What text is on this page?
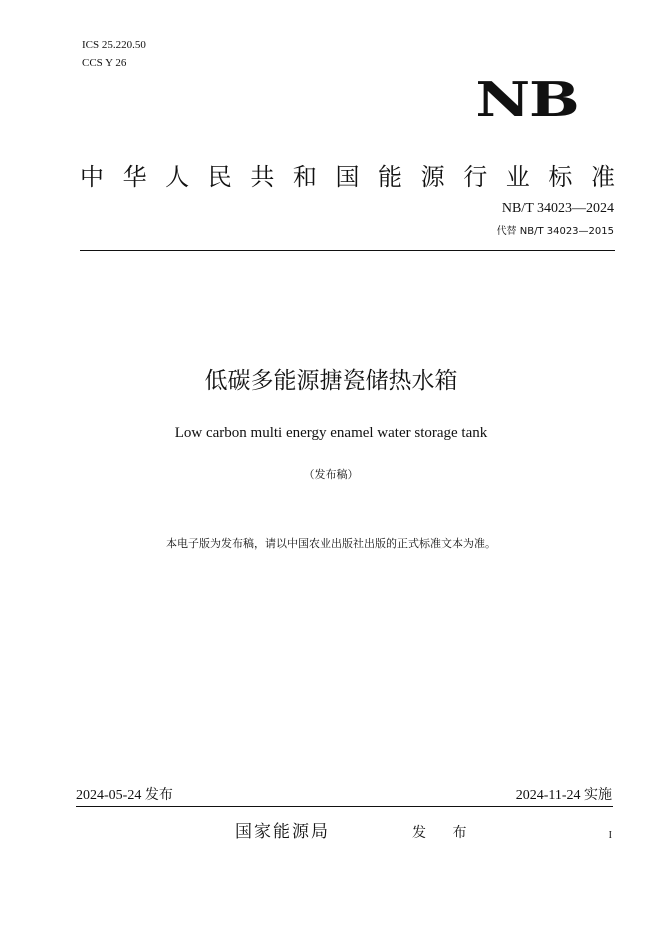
ICS 25.220.50
CCS Y 26
NB
中 华 人 民 共 和 国 能 源 行 业 标 准
NB/T 34023—2024
代替 NB/T 34023—2015
低碳多能源搪瓷储热水箱
Low carbon multi energy enamel water storage tank
（发布稿）
本电子版为发布稿，请以中国农业出版社出版的正式标准文本为准。
2024-05-24 发布	2024-11-24 实施
国家能源局	发 布	I
